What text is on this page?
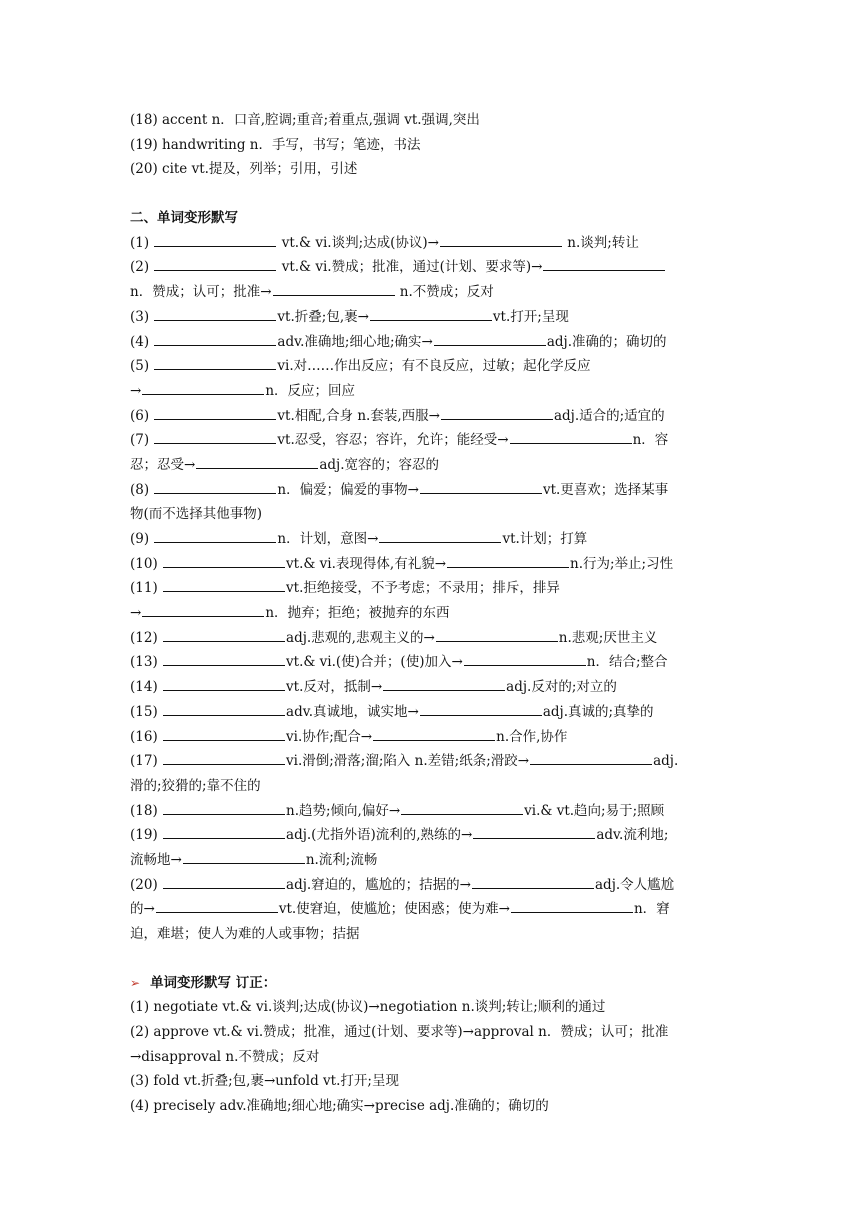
(18) accent n．口音,腔调;重音;着重点,强调 vt.强调,突出
(19) handwriting n．手写，书写；笔迹，书法
(20) cite vt.提及，列举；引用，引述
二、单词变形默写
(1)	vt.& vi.谈判;达成(协议)→	n.谈判;转让
(2)	vt.& vi.赞成；批准，通过(计划、要求等)→
n．赞成；认可；批准→	n.不赞成；反对
(3)	vt.折叠;包,裹→	vt.打开;呈现
(4)	adv.准确地;细心地;确实→	adj.准确的；确切的
(5)	vi.对……作出反应；有不良反应，过敏；起化学反应
→	n．反应；回应
(6)	vt.相配,合身 n.套装,西服→	adj.适合的;适宜的
(7)	vt.忍受，容忍；容许，允许；能经受→	n．容
忍；忍受→	adj.宽容的；容忍的
(8)	n．偏爱；偏爱的事物→	vt.更喜欢；选择某事
物(而不选择其他事物)
(9)	n．计划，意图→	vt.计划；打算
(10)	vt.& vi.表现得体,有礼貌→	n.行为;举止;习性
(11)	vt.拒绝接受，不予考虑；不录用；排斥，排异
→	n．抛弃；拒绝；被抛弃的东西
(12)	adj.悲观的,悲观主义的→	n.悲观;厌世主义
(13)	vt.& vi.(使)合并；(使)加入→	n．结合;整合
(14)	vt.反对，抵制→	adj.反对的;对立的
(15)	adv.真诚地，诚实地→	adj.真诚的;真挚的
(16)	vi.协作;配合→	n.合作,协作
(17)	vi.滑倒;滑落;溜;陷入 n.差错;纸条;滑跤→	adj.
滑的;狡猾的;靠不住的
(18)	n.趋势;倾向,偏好→	vi.& vt.趋向;易于;照顾
(19)	adj.(尤指外语)流利的,熟练的→	adv.流利地;
流畅地→	n.流利;流畅
(20)	adj.窘迫的，尴尬的；拮据的→	adj.令人尴尬
的→	vt.使窘迫，使尴尬；使困惑；使为难→	n．窘
迫，难堪；使人为难的人或事物；拮据
➢ 单词变形默写 订正：
(1) negotiate vt.& vi.谈判;达成(协议)→negotiation n.谈判;转让;顺利的通过
(2) approve vt.& vi.赞成；批准，通过(计划、要求等)→approval n．赞成；认可；批准
→disapproval n.不赞成；反对
(3) fold vt.折叠;包,裹→unfold vt.打开;呈现
(4) precisely adv.准确地;细心地;确实→precise adj.准确的；确切的
